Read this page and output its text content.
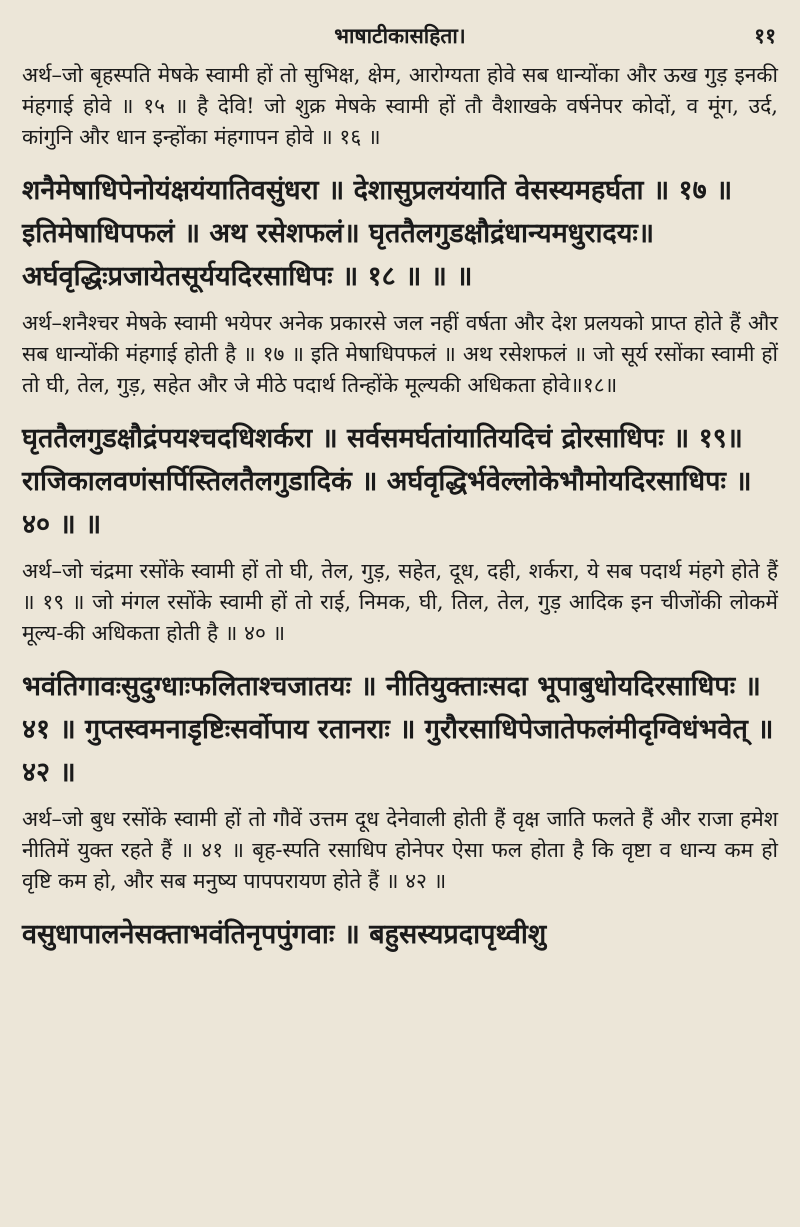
भाषाटीकासहिता।	११

अर्थ–जो बृहस्पति मेषके स्वामी हों तो सुभिक्ष, क्षेम, आरोग्यता होवे सब धान्योंका और ऊख गुड़ इनकी मंहगाई होवे ॥ १५ ॥ है देवि! जो शुक्र मेषके स्वामी हों तौ वैशाखके वर्षनेपर कोदों, व मूंग, उर्द, कांगुनि और धान इन्होंका मंहगापन होवे ॥ १६ ॥

शनैमेषाधिपेनोयंक्षयंयातिवसुंधरा ॥ देशासुप्रलयंयाति वेसस्यमहर्घता ॥ १७ ॥ इतिमेषाधिपफलं ॥ अथ रसेशफलं॥ घृततैलगुडक्षौद्रंधान्यमधुरादयः॥ अर्घवृद्धिःप्रजायेतसूर्ययदिरसाधिपः ॥ १८ ॥ ॥ ॥

अर्थ–शनैश्चर मेषके स्वामी भयेपर अनेक प्रकारसे जल नहीं वर्षता और देश प्रलयको प्राप्त होते हैं और सब धान्योंकी मंहगाई होती है ॥ १७ ॥ इति मेषाधिपफलं ॥ अथ रसेशफलं ॥ जो सूर्य रसोंका स्वामी हों तो घी, तेल, गुड़, सहेत और जे मीठे पदार्थ तिन्होंके मूल्यकी अधिकता होवे॥१८॥

घृततैलगुडक्षौद्रंपयश्चदधिशर्करा ॥ सर्वसमर्घतांयातियदिचं द्रोरसाधिपः ॥ १९॥ राजिकालवणंसर्पिस्तिलतैलगुडादिकं ॥ अर्घवृद्धिर्भवेल्लोकेभौमोयदिरसाधिपः ॥ ४० ॥ ॥

अर्थ–जो चंद्रमा रसोंके स्वामी हों तो घी, तेल, गुड़, सहेत, दूध, दही, शर्करा, ये सब पदार्थ मंहगे होते हैं ॥ १९ ॥ जो मंगल रसोंके स्वामी हों तो राई, निमक, घी, तिल, तेल, गुड़ आदिक इन चीजोंकी लोकमें मूल्य-की अधिकता होती है ॥ ४० ॥

भवंतिगावःसुदुग्धाःफलिताश्चजातयः ॥ नीतियुक्ताःसदा भूपाबुधोयदिरसाधिपः ॥ ४१ ॥ गुप्तस्वमनाडृष्टिःसर्वोपाय रतानराः ॥ गुरौरसाधिपेजातेफलंमीदृग्विधंभवेत् ॥ ४२ ॥

अर्थ–जो बुध रसोंके स्वामी हों तो गौवें उत्तम दूध देनेवाली होती हैं वृक्ष जाति फलते हैं और राजा हमेश नीतिमें युक्त रहते हैं ॥ ४१ ॥ बृह-स्पति रसाधिप होनेपर ऐसा फल होता है कि वृष्टा व धान्य कम हो वृष्टि कम हो, और सब मनुष्य पापपरायण होते हैं ॥ ४२ ॥

वसुधापालनेसक्ताभवंतिनृपपुंगवाः ॥ बहुसस्यप्रदापृथ्वीशु
